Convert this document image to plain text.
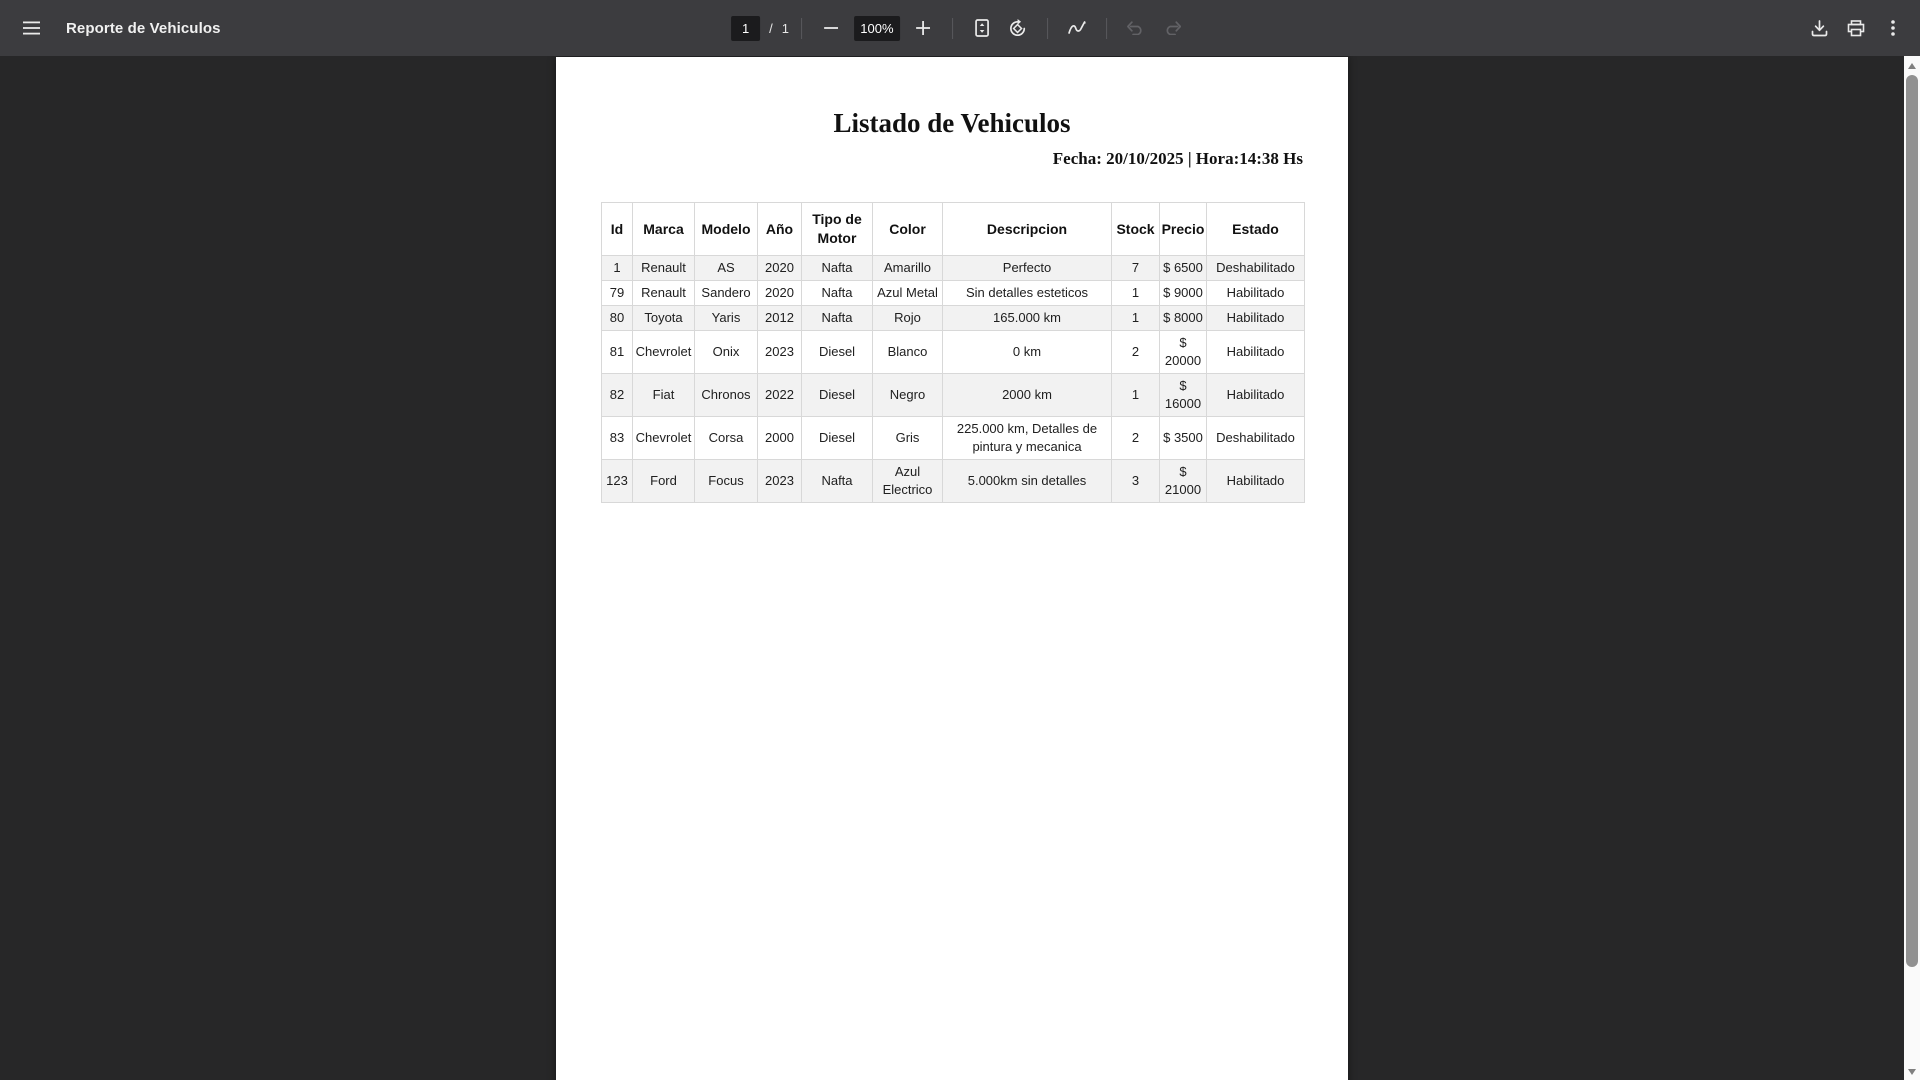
Reporte de Vehiculos
1	/ 1	100%
Listado de Vehiculos
Fecha: 20/10/2025 | Hora:14:38 Hs
Id	Marca	Modelo	Año	Tipo de Motor	Color	Descripcion	Stock	Precio	Estado
1	Renault	AS	2020	Nafta	Amarillo	Perfecto	7	$ 6500	Deshabilitado
79	Renault	Sandero	2020	Nafta	Azul Metal	Sin detalles esteticos	1	$ 9000	Habilitado
80	Toyota	Yaris	2012	Nafta	Rojo	165.000 km	1	$ 8000	Habilitado
81	Chevrolet	Onix	2023	Diesel	Blanco	0 km	2	$ 20000	Habilitado
82	Fiat	Chronos	2022	Diesel	Negro	2000 km	1	$ 16000	Habilitado
83	Chevrolet	Corsa	2000	Diesel	Gris	225.000 km, Detalles de pintura y mecanica	2	$ 3500	Deshabilitado
123	Ford	Focus	2023	Nafta	Azul Electrico	5.000km sin detalles	3	$ 21000	Habilitado
